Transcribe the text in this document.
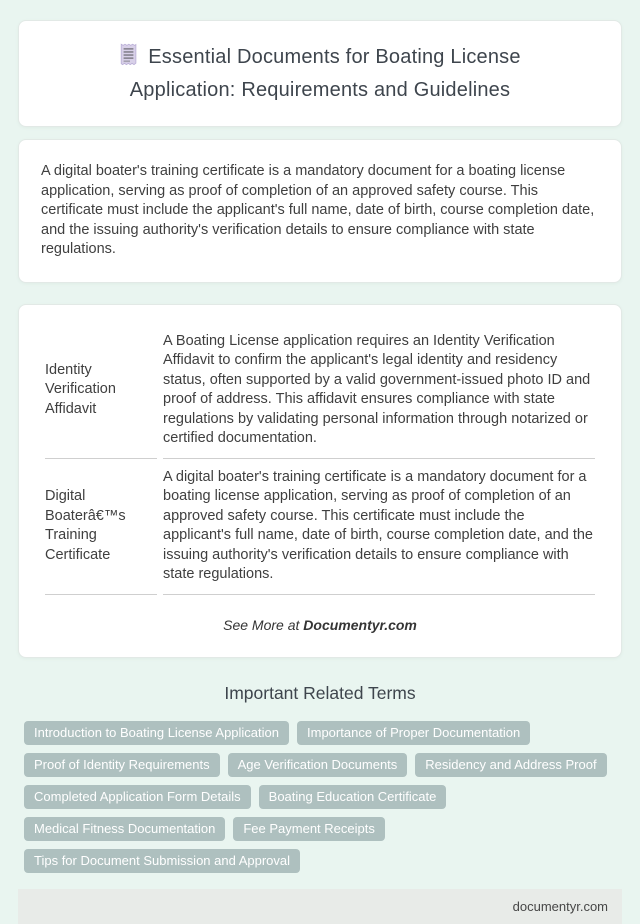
Essential Documents for Boating License Application: Requirements and Guidelines

A digital boater's training certificate is a mandatory document for a boating license application, serving as proof of completion of an approved safety course. This certificate must include the applicant's full name, date of birth, course completion date, and the issuing authority's verification details to ensure compliance with state regulations.

Identity Verification Affidavit	A Boating License application requires an Identity Verification Affidavit to confirm the applicant's legal identity and residency status, often supported by a valid government-issued photo ID and proof of address. This affidavit ensures compliance with state regulations by validating personal information through notarized or certified documentation.
Digital Boaterâ€™s Training Certificate	A digital boater's training certificate is a mandatory document for a boating license application, serving as proof of completion of an approved safety course. This certificate must include the applicant's full name, date of birth, course completion date, and the issuing authority's verification details to ensure compliance with state regulations.
See More at Documentyr.com
Important Related Terms
Introduction to Boating License Application	Importance of Proper Documentation
Proof of Identity Requirements	Age Verification Documents	Residency and Address Proof
Completed Application Form Details	Boating Education Certificate
Medical Fitness Documentation	Fee Payment Receipts
Tips for Document Submission and Approval
documentyr.com
